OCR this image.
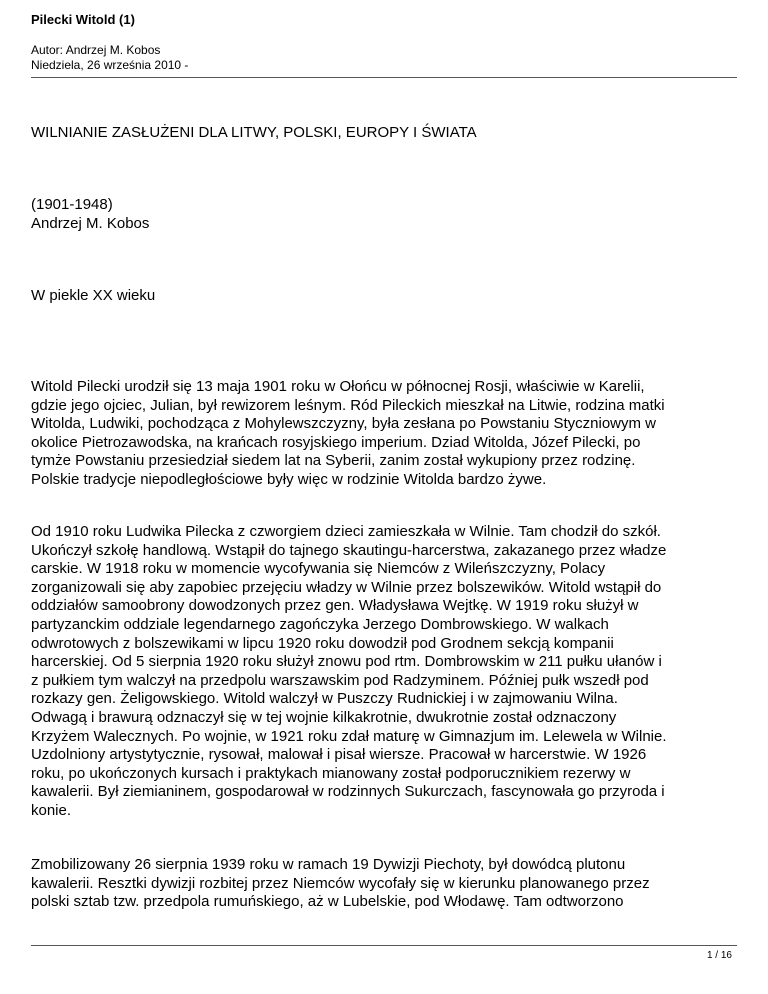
Pilecki Witold (1)
Autor: Andrzej M. Kobos
Niedziela, 26 września 2010 -
WILNIANIE ZASŁUŻENI DLA LITWY, POLSKI, EUROPY I ŚWIATA
(1901-1948)
Andrzej M. Kobos
W piekle XX wieku
Witold Pilecki urodził się 13 maja 1901 roku w Ołońcu w północnej Rosji, właściwie w Karelii,
gdzie jego ojciec, Julian, był rewizorem leśnym. Ród Pileckich mieszkał na Litwie, rodzina matki
Witolda, Ludwiki, pochodząca z Mohylewszczyzny, była zesłana po Powstaniu Styczniowym w
okolice Pietrozawodska, na krańcach rosyjskiego imperium. Dziad Witolda, Józef Pilecki, po
tymże Powstaniu przesiedział siedem lat na Syberii, zanim został wykupiony przez rodzinę.
Polskie tradycje niepodległościowe były więc w rodzinie Witolda bardzo żywe.
Od 1910 roku Ludwika Pilecka z czworgiem dzieci zamieszkała w Wilnie. Tam chodził do szkół.
Ukończył szkołę handlową. Wstąpił do tajnego skautingu-harcerstwa, zakazanego przez władze
carskie. W 1918 roku w momencie wycofywania się Niemców z Wileńszczyzny, Polacy
zorganizowali się aby zapobiec przejęciu władzy w Wilnie przez bolszewików. Witold wstąpił do
oddziałów samoobrony dowodzonych przez gen. Władysława Wejtkę. W 1919 roku służył w
partyzanckim oddziale legendarnego zagończyka Jerzego Dombrowskiego. W walkach
odwrotowych z bolszewikami w lipcu 1920 roku dowodził pod Grodnem sekcją kompanii
harcerskiej. Od 5 sierpnia 1920 roku służył znowu pod rtm. Dombrowskim w 211 pułku ułanów i
z pułkiem tym walczył na przedpolu warszawskim pod Radzyminem. Później pułk wszedł pod
rozkazy gen. Żeligowskiego. Witold walczył w Puszczy Rudnickiej i w zajmowaniu Wilna.
Odwagą i brawurą odznaczył się w tej wojnie kilkakrotnie, dwukrotnie został odznaczony
Krzyżem Walecznych. Po wojnie, w 1921 roku zdał maturę w Gimnazjum im. Lelewela w Wilnie.
Uzdolniony artystytycznie, rysował, malował i pisał wiersze. Pracował w harcerstwie. W 1926
roku, po ukończonych kursach i praktykach mianowany został podporucznikiem rezerwy w
kawalerii. Był ziemianinem, gospodarował w rodzinnych Sukurczach, fascynowała go przyroda i
konie.
Zmobilizowany 26 sierpnia 1939 roku w ramach 19 Dywizji Piechoty, był dowódcą plutonu
kawalerii. Resztki dywizji rozbitej przez Niemców wycofały się w kierunku planowanego przez
polski sztab tzw. przedpola rumuńskiego, aż w Lubelskie, pod Włodawę. Tam odtworzono
1 / 16
